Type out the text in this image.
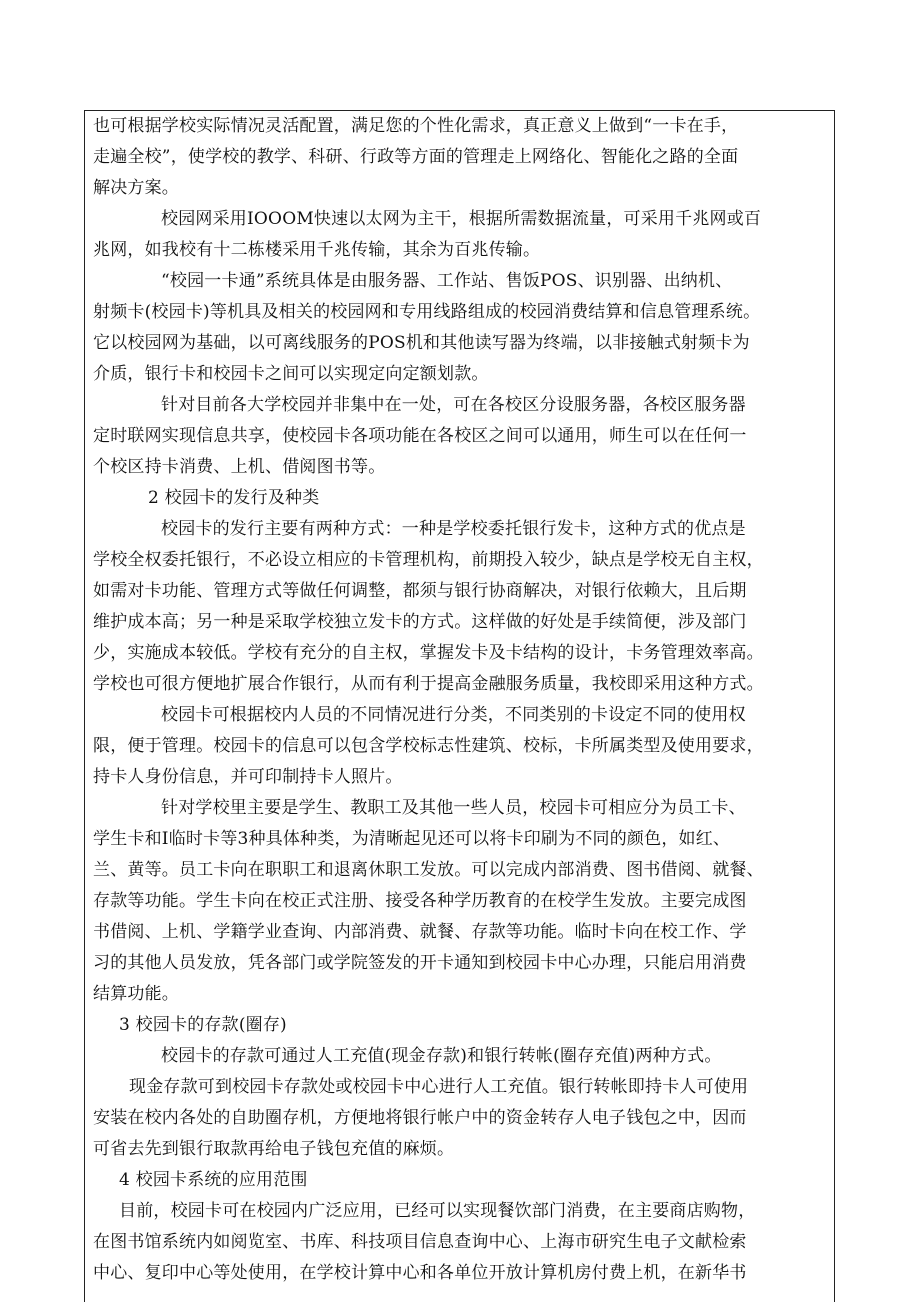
也可根据学校实际情况灵活配置，满足您的个性化需求，真正意义上做到“一卡在手，
走遍全校”，使学校的教学、科研、行政等方面的管理走上网络化、智能化之路的全面
解决方案。
校园网采用IOOOM快速以太网为主干，根据所需数据流量，可采用千兆网或百
兆网，如我校有十二栋楼采用千兆传输，其余为百兆传输。
“校园一卡通”系统具体是由服务器、工作站、售饭POS、识别器、出纳机、
射频卡(校园卡)等机具及相关的校园网和专用线路组成的校园消费结算和信息管理系统。
它以校园网为基础，以可离线服务的POS机和其他读写器为终端，以非接触式射频卡为
介质，银行卡和校园卡之间可以实现定向定额划款。
针对目前各大学校园并非集中在一处，可在各校区分设服务器，各校区服务器
定时联网实现信息共享，使校园卡各项功能在各校区之间可以通用，师生可以在任何一
个校区持卡消费、上机、借阅图书等。
2 校园卡的发行及种类
校园卡的发行主要有两种方式：一种是学校委托银行发卡，这种方式的优点是
学校全权委托银行，不必设立相应的卡管理机构，前期投入较少，缺点是学校无自主权，
如需对卡功能、管理方式等做任何调整，都须与银行协商解决，对银行依赖大，且后期
维护成本高；另一种是采取学校独立发卡的方式。这样做的好处是手续简便，涉及部门
少，实施成本较低。学校有充分的自主权，掌握发卡及卡结构的设计，卡务管理效率高。
学校也可很方便地扩展合作银行，从而有利于提高金融服务质量，我校即采用这种方式。
校园卡可根据校内人员的不同情况进行分类，不同类别的卡设定不同的使用权
限，便于管理。校园卡的信息可以包含学校标志性建筑、校标，卡所属类型及使用要求，
持卡人身份信息，并可印制持卡人照片。
针对学校里主要是学生、教职工及其他一些人员，校园卡可相应分为员工卡、
学生卡和I临时卡等3种具体种类，为清晰起见还可以将卡印刷为不同的颜色，如红、
兰、黄等。员工卡向在职职工和退离休职工发放。可以完成内部消费、图书借阅、就餐、
存款等功能。学生卡向在校正式注册、接受各种学历教育的在校学生发放。主要完成图
书借阅、上机、学籍学业查询、内部消费、就餐、存款等功能。临时卡向在校工作、学
习的其他人员发放，凭各部门或学院签发的开卡通知到校园卡中心办理，只能启用消费
结算功能。
3 校园卡的存款(圈存)
校园卡的存款可通过人工充值(现金存款)和银行转帐(圈存充值)两种方式。
现金存款可到校园卡存款处或校园卡中心进行人工充值。银行转帐即持卡人可使用
安装在校内各处的自助圈存机，方便地将银行帐户中的资金转存人电子钱包之中，因而
可省去先到银行取款再给电子钱包充值的麻烦。
4 校园卡系统的应用范围
目前，校园卡可在校园内广泛应用，已经可以实现餐饮部门消费，在主要商店购物，
在图书馆系统内如阅览室、书库、科技项目信息查询中心、上海市研究生电子文献检索
中心、复印中心等处使用，在学校计算中心和各单位开放计算机房付费上机，在新华书
